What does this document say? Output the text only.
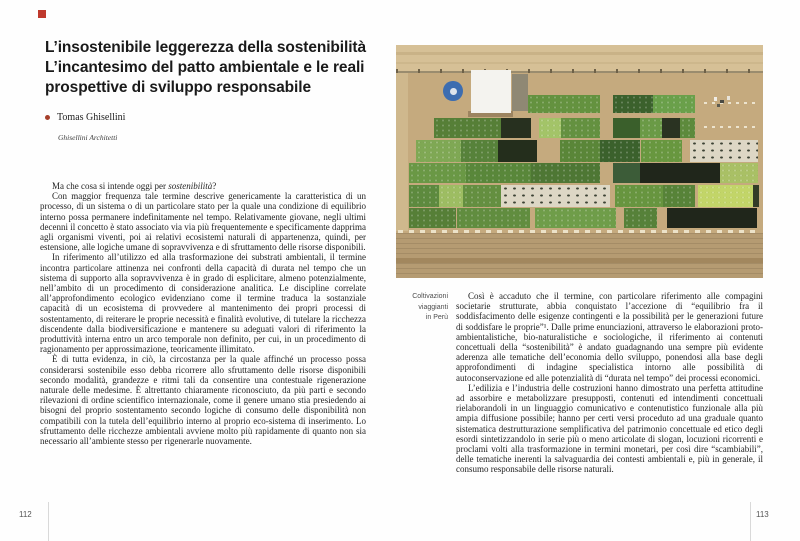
L’insostenibile leggerezza della sostenibilità
L’incantesimo del patto ambientale e le reali
prospettive di sviluppo responsabile
Tomas Ghisellini
Ghisellini Architetti

Ma che cosa si intende oggi per sostenibilità?

Con maggior frequenza tale termine descrive genericamente la caratteristica di un processo, di un sistema o di un particolare stato per la quale una condizione di equilibrio interno possa permanere indefinitamente nel tempo. Relativamente giovane, negli ultimi decenni il concetto è stato associato via via più frequentemente e specificamente dapprima agli organismi viventi, poi ai relativi ecosistemi naturali di appartenenza, quindi, per estensione, alle logiche umane di sopravvivenza e di sfruttamento delle risorse disponibili.

In riferimento all’utilizzo ed alla trasformazione dei substrati ambientali, il termine incontra particolare attinenza nei confronti della capacità di durata nel tempo che un sistema di supporto alla sopravvivenza è in grado di esplicitare, almeno potenzialmente, nell’ambito di un procedimento di considerazione analitica. Le discipline correlate all’approfondimento ecologico evidenziano come il termine traduca la sostanziale capacità di un ecosistema di provvedere al mantenimento dei propri processi di sostentamento, di reiterare le proprie necessità e finalità evolutive, di tutelare la ricchezza discendente dalla biodiversificazione e mantenere su adeguati valori di riferimento la produttività interna entro un arco temporale non definito, per cui, in un procedimento di ragionamento per approssimazione, teoricamente illimitato.

È di tutta evidenza, in ciò, la circostanza per la quale affinché un processo possa considerarsi sostenibile esso debba ricorrere allo sfruttamento delle risorse disponibili secondo modalità, grandezze e ritmi tali da consentire una contestuale rigenerazione naturale delle medesime. È altrettanto chiaramente riconosciuto, da più parti e secondo rilevazioni di ordine scientifico internazionale, come il genere umano stia presiedendo ai bisogni del proprio sostentamento secondo logiche di consumo delle disponibilità non compatibili con la tutela dell’equilibrio interno al proprio eco-sistema di inserimento. Lo sfruttamento delle ricchezze ambientali avviene molto più rapidamente di quanto non sia necessario all’ambiente stesso per rigenerarle nuovamente.

112
Coltivazioni
viaggianti
in Perù

Così è accaduto che il termine, con particolare riferimento alle compagini societarie strutturate, abbia conquistato l’accezione di “equilibrio fra il soddisfacimento delle esigenze contingenti e la possibilità per le generazioni future di soddisfare le proprie”¹. Dalle prime enunciazioni, attraverso le elaborazioni proto-ambientalistiche, bio-naturalistiche e sociologiche, il riferimento ai contenuti concettuali della “sostenibilità” è andato guadagnando una sempre più evidente aderenza alle tematiche dell’economia dello sviluppo, ponendosi alla base degli approfondimenti di indagine specialistica intorno alle possibilità di autoconservazione ed alle potenzialità di “durata nel tempo” dei processi economici.

L’edilizia e l’industria delle costruzioni hanno dimostrato una perfetta attitudine ad assorbire e metabolizzare presupposti, contenuti ed intendimenti concettuali rielaborandoli in un linguaggio comunicativo e contenutistico funzionale alla più ampia diffusione possibile; hanno per certi versi proceduto ad una graduale quanto sistematica destrutturazione semplificativa del patrimonio concettuale ed etico degli esordi sintetizzandolo in serie più o meno articolate di slogan, locuzioni ricorrenti e proclami volti alla trasformazione in termini monetari, per così dire “scambiabili”, delle tematiche inerenti la salvaguardia dei contesti ambientali e, più in generale, il consumo responsabile delle risorse naturali.

113
